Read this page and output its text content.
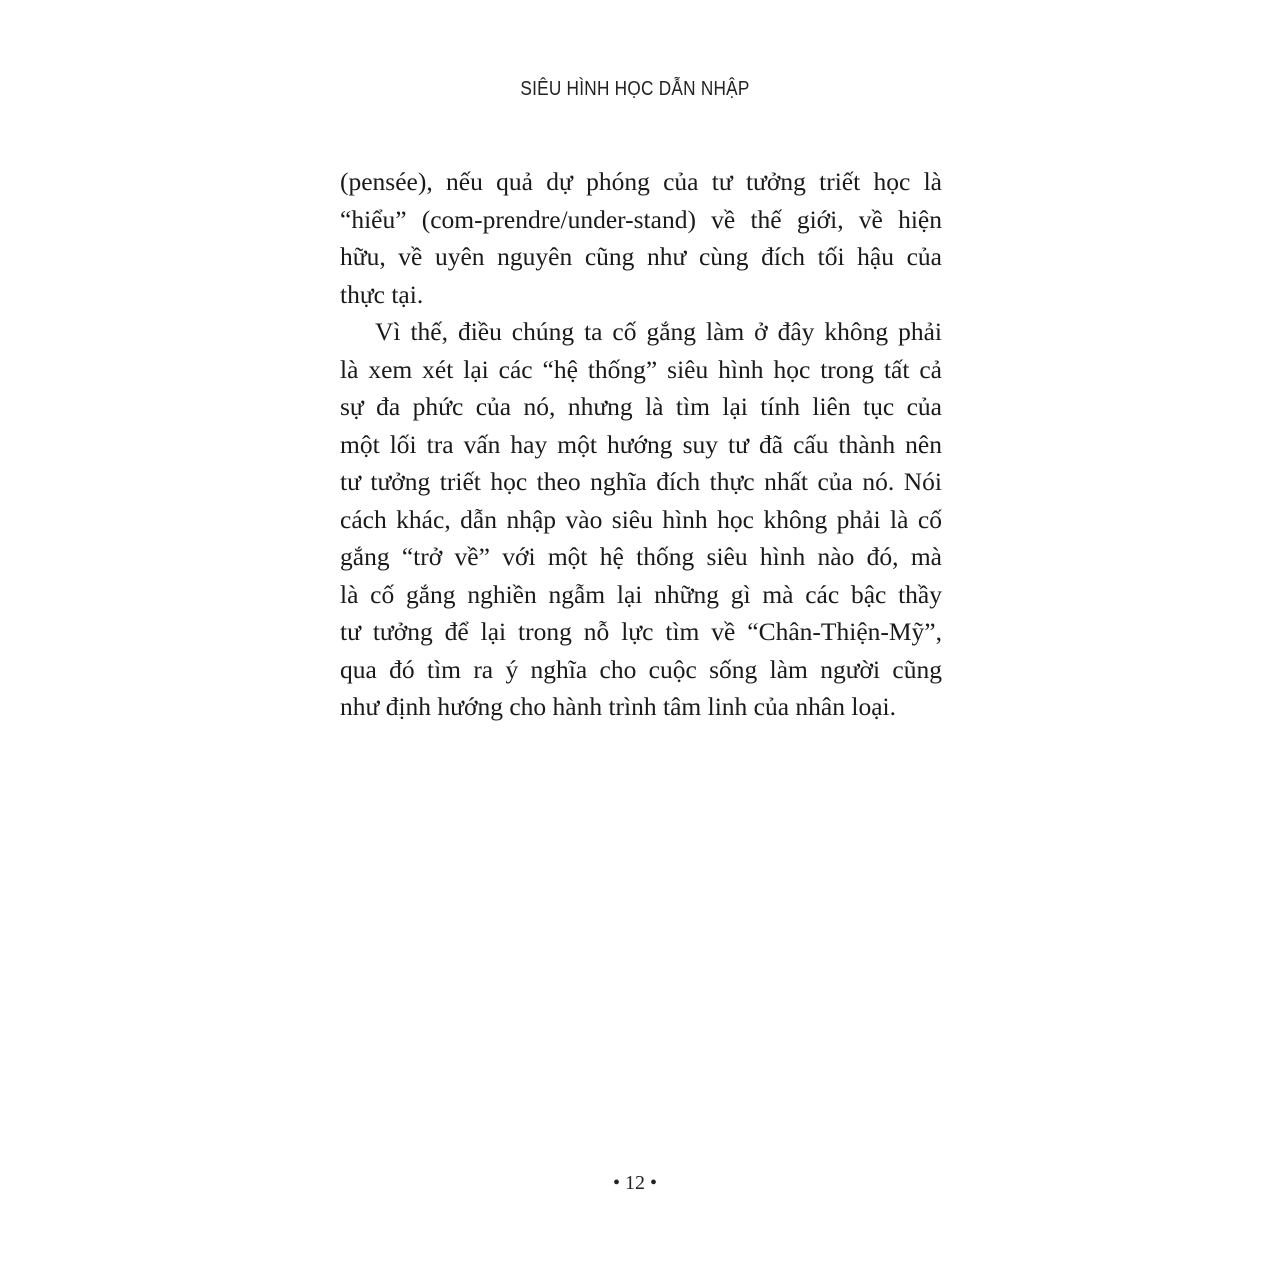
SIÊU HÌNH HỌC DẪN NHẬP
(pensée), nếu quả dự phóng của tư tưởng triết học là
“hiểu” (com-prendre/under-stand) về thế giới, về hiện
hữu, về uyên nguyên cũng như cùng đích tối hậu của
thực tại.
Vì thế, điều chúng ta cố gắng làm ở đây không phải
là xem xét lại các “hệ thống” siêu hình học trong tất cả
sự đa phức của nó, nhưng là tìm lại tính liên tục của
một lối tra vấn hay một hướng suy tư đã cấu thành nên
tư tưởng triết học theo nghĩa đích thực nhất của nó. Nói
cách khác, dẫn nhập vào siêu hình học không phải là cố
gắng “trở về” với một hệ thống siêu hình nào đó, mà
là cố gắng nghiền ngẫm lại những gì mà các bậc thầy
tư tưởng để lại trong nỗ lực tìm về “Chân-Thiện-Mỹ”,
qua đó tìm ra ý nghĩa cho cuộc sống làm người cũng
như định hướng cho hành trình tâm linh của nhân loại.
• 12 •
